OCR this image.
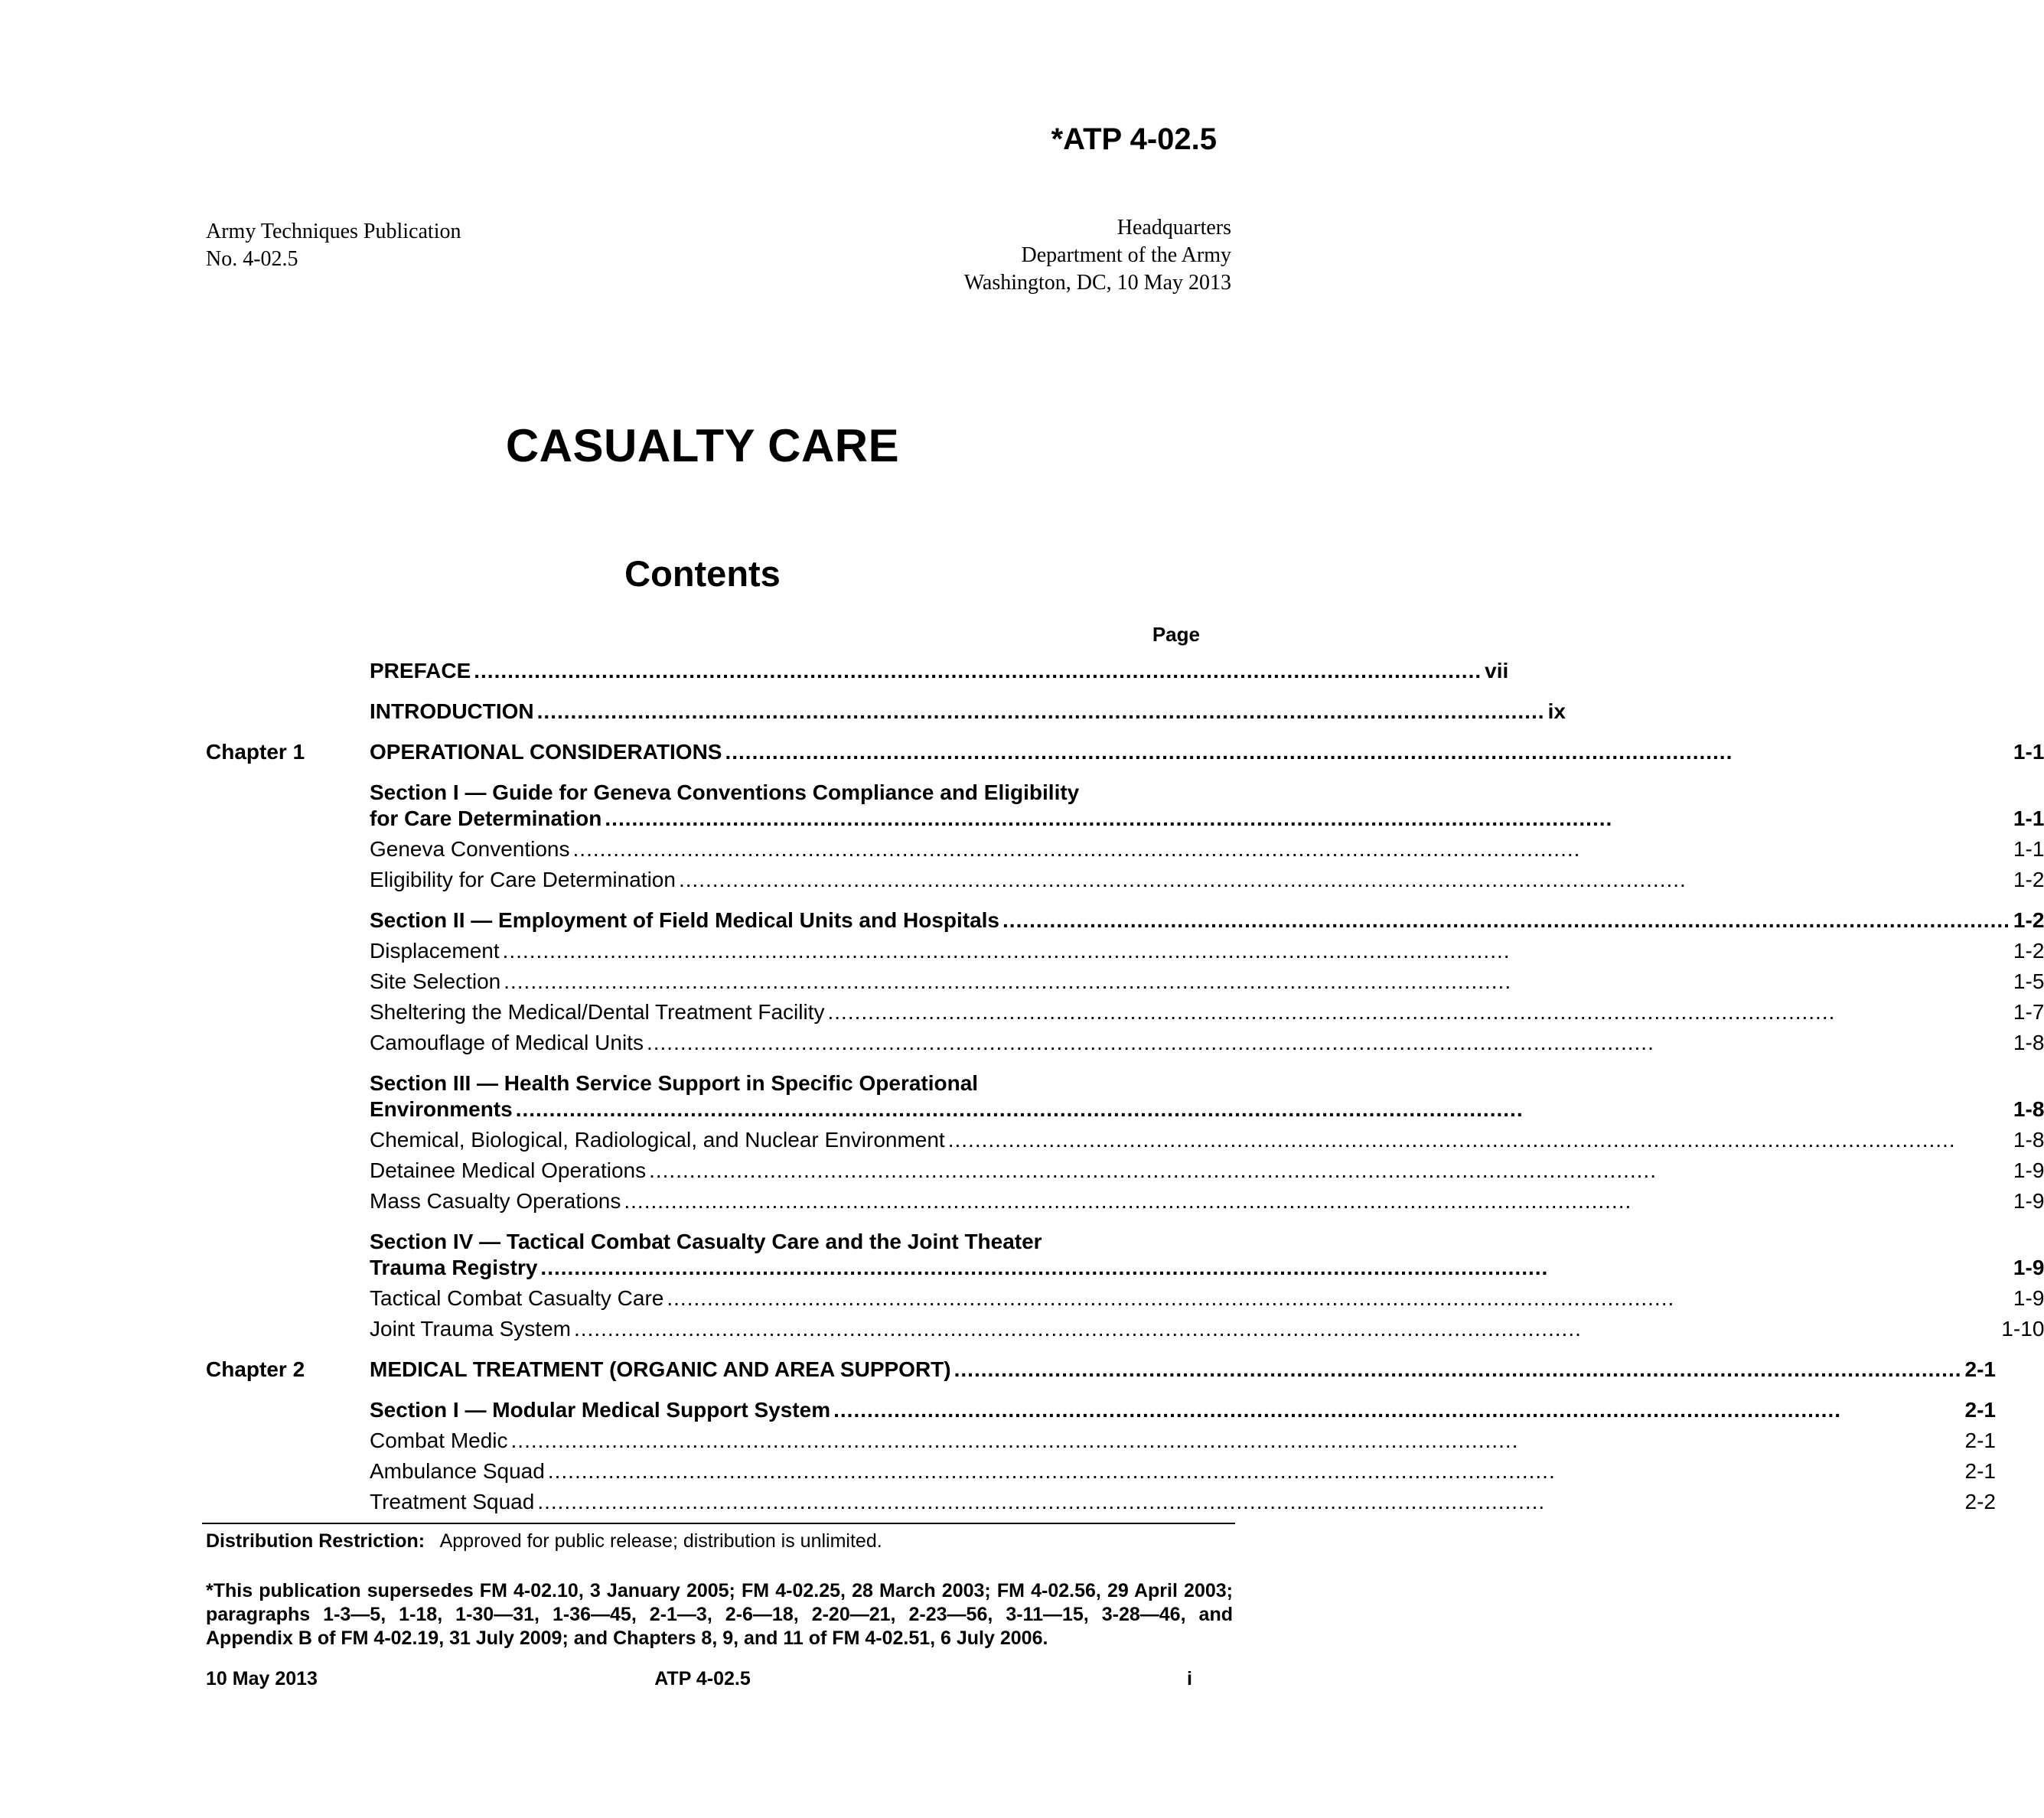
*ATP 4-02.5
Army Techniques Publication
No. 4-02.5
Headquarters
Department of the Army
Washington, DC, 10 May 2013
CASUALTY CARE
Contents
Page
PREFACE ...................................................................................................................................................... vii
INTRODUCTION ...................................................................................................................................................... ix
Chapter 1	OPERATIONAL CONSIDERATIONS ......................................................................................................................................................	1-1
Section I — Guide for Geneva Conventions Compliance and Eligibility
for Care Determination ......................................................................................................................................................	1-1
Geneva Conventions ......................................................................................................................................................	1-1
Eligibility for Care Determination ......................................................................................................................................................	1-2
Section II — Employment of Field Medical Units and Hospitals ...................................................................................................................................................... 1-2
Displacement ......................................................................................................................................................	1-2
Site Selection ......................................................................................................................................................	1-5
Sheltering the Medical/Dental Treatment Facility ......................................................................................................................................................	1-7
Camouflage of Medical Units ......................................................................................................................................................	1-8
Section III — Health Service Support in Specific Operational
Environments ......................................................................................................................................................	1-8
Chemical, Biological, Radiological, and Nuclear Environment ......................................................................................................................................................	1-8
Detainee Medical Operations ......................................................................................................................................................	1-9
Mass Casualty Operations ......................................................................................................................................................	1-9
Section IV — Tactical Combat Casualty Care and the Joint Theater
Trauma Registry ......................................................................................................................................................	1-9
Tactical Combat Casualty Care ......................................................................................................................................................	1-9
Joint Trauma System ......................................................................................................................................................	1-10
Chapter 2	MEDICAL TREATMENT (ORGANIC AND AREA SUPPORT) ...................................................................................................................................................... 2-1
Section I — Modular Medical Support System ......................................................................................................................................................	2-1
Combat Medic ......................................................................................................................................................	2-1
Ambulance Squad ......................................................................................................................................................	2-1
Treatment Squad ......................................................................................................................................................	2-2
Distribution Restriction: Approved for public release; distribution is unlimited.
*This publication supersedes FM 4-02.10, 3 January 2005; FM 4-02.25, 28 March 2003; FM 4-02.56, 29 April 2003; paragraphs 1-3—5, 1-18, 1-30—31, 1-36—45, 2-1—3, 2-6—18, 2-20—21, 2-23—56, 3-11—15, 3-28—46, and Appendix B of FM 4-02.19, 31 July 2009; and Chapters 8, 9, and 11 of FM 4-02.51, 6 July 2006.
10 May 2013	ATP 4-02.5	i
